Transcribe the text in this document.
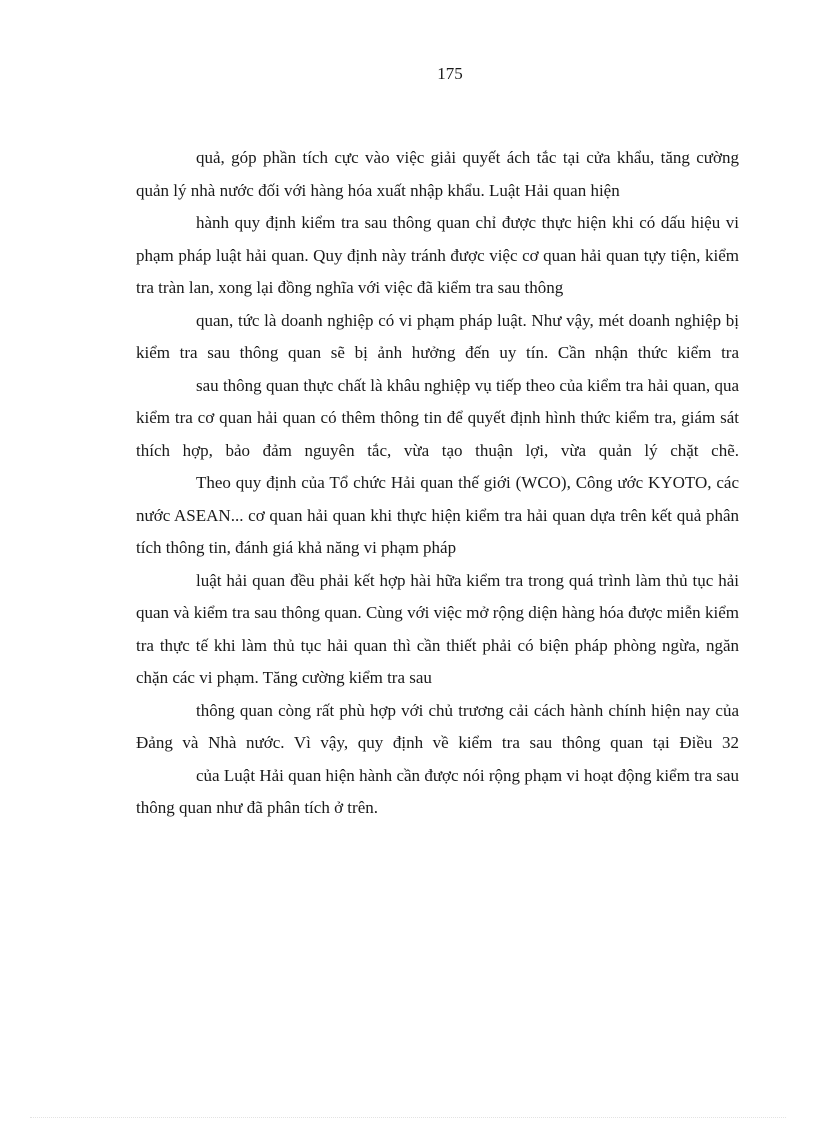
175

quả, góp phần tích cực vào việc giải quyết ách tắc tại cửa khẩu, tăng cường quản lý nhà nước đối với hàng hóa xuất nhập khẩu. Luật Hải quan hiện

hành quy định kiểm tra sau thông quan chỉ được thực hiện khi có dấu hiệu vi phạm pháp luật hải quan. Quy định này tránh được việc cơ quan hải quan tựy tiện, kiểm tra tràn lan, xong lại đồng nghĩa với việc đã kiểm tra sau thông

quan, tức là doanh nghiệp có vi phạm pháp luật. Như vậy, mét doanh nghiệp bị kiểm tra sau thông quan sẽ bị ảnh hưởng đến uy tín. Cần nhận thức kiểm tra

sau thông quan thực chất là khâu nghiệp vụ tiếp theo của kiểm tra hải quan, qua kiểm tra cơ quan hải quan có thêm thông tin để quyết định hình thức kiểm tra, giám sát thích hợp, bảo đảm nguyên tắc, vừa tạo thuận lợi, vừa quản lý chặt chẽ.

Theo quy định của Tổ chức Hải quan thế giới (WCO), Công ước KYOTO, các nước ASEAN... cơ quan hải quan khi thực hiện kiểm tra hải quan dựa trên kết quả phân tích thông tin, đánh giá khả năng vi phạm pháp

luật hải quan đều phải kết hợp hài hữa kiểm tra trong quá trình làm thủ tục hải quan và kiểm tra sau thông quan. Cùng với việc mở rộng diện hàng hóa được miễn kiểm tra thực tế khi làm thủ tục hải quan thì cần thiết phải có biện pháp phòng ngừa, ngăn chặn các vi phạm. Tăng cường kiểm tra sau

thông quan còng rất phù hợp với chủ trương cải cách hành chính hiện nay của Đảng và Nhà nước. Vì vậy, quy định về kiểm tra sau thông quan tại Điều 32

của Luật Hải quan hiện hành cần được nói rộng phạm vi hoạt động kiểm tra sau thông quan như đã phân tích ở trên.
